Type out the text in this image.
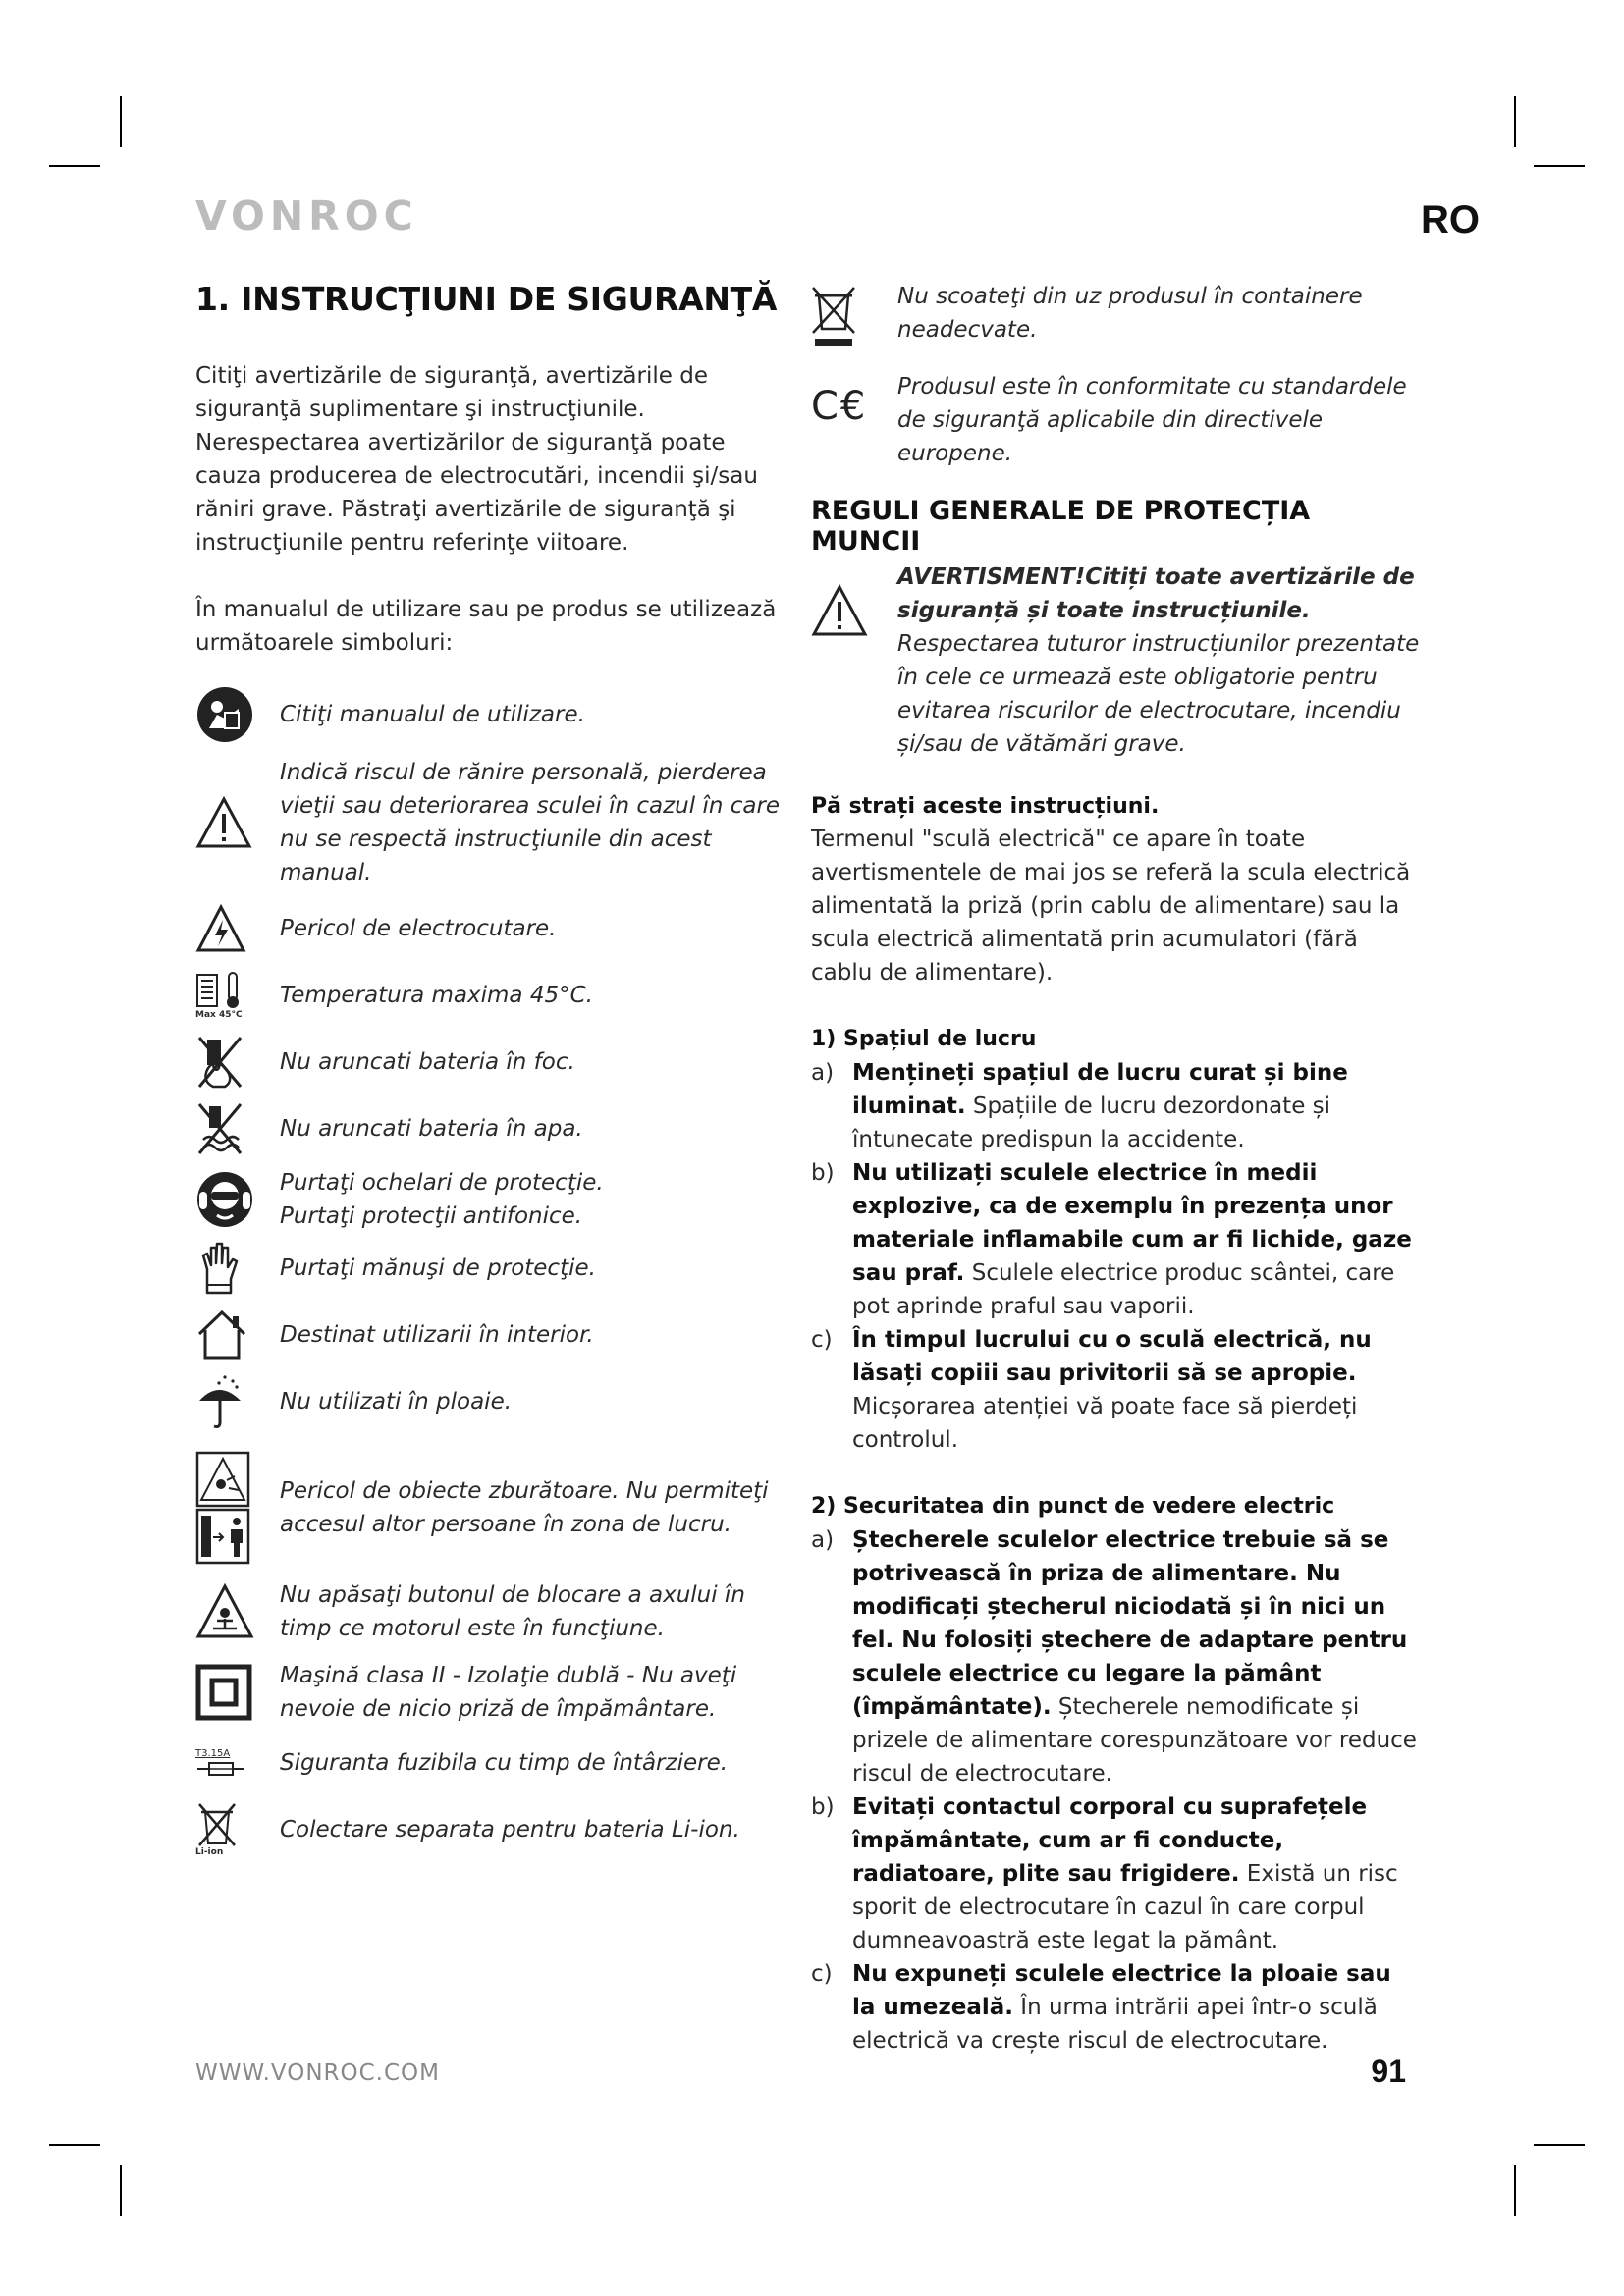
VONROC	RO
1. INSTRUCŢIUNI DE SIGURANŢĂ

Citiţi avertizările de siguranţă, avertizările de siguranţă suplimentare şi instrucţiunile. Nerespectarea avertizărilor de siguranţă poate cauza producerea de electrocutări, incendii şi/sau răniri grave. Păstraţi avertizările de siguranţă şi instrucţiunile pentru referinţe viitoare.

În manualul de utilizare sau pe produs se utilizează următoarele simboluri:

Citiţi manualul de utilizare.
Indică riscul de rănire personală, pierderea vieţii sau deteriorarea sculei în cazul în care nu se respectă instrucţiunile din acest manual.
Pericol de electrocutare.
Max 45°C
Temperatura maxima 45°C.
Nu aruncati bateria în foc.
Nu aruncati bateria în apa.
Purtaţi ochelari de protecţie.
Purtaţi protecţii antifonice.
Purtaţi mănuşi de protecţie.
Destinat utilizarii în interior.
Nu utilizati în ploaie.
Pericol de obiecte zburătoare. Nu permiteţi accesul altor persoane în zona de lucru.
Nu apăsaţi butonul de blocare a axului în timp ce motorul este în funcţiune.
Maşină clasa II - Izolaţie dublă - Nu aveţi nevoie de nicio priză de împământare.
T3.15A	Siguranta fuzibila cu timp de întârziere.
Li-ion
Colectare separata pentru bateria Li-ion.
Nu scoateţi din uz produsul în containere neadecvate.
C€ Produsul este în conformitate cu standardele de siguranţă aplicabile din directivele europene.
REGULI GENERALE DE PROTECȚIA MUNCII
AVERTISMENT!Citiți toate avertizările de siguranță și toate instrucțiunile. Respectarea tuturor instrucțiunilor prezentate în cele ce urmează este obligatorie pentru evitarea riscurilor de electrocutare, incendiu și/sau de vătămări grave.
Pă strați aceste instrucțiuni.

Termenul "sculă electrică" ce apare în toate avertismentele de mai jos se referă la scula electrică alimentată la priză (prin cablu de alimentare) sau la scula electrică alimentată prin acumulatori (fără cablu de alimentare).

1) Spațiul de lucru
a) Mențineți spațiul de lucru curat și bine iluminat. Spațiile de lucru dezordonate și întunecate predispun la accidente.
b) Nu utilizați sculele electrice în medii explozive, ca de exemplu în prezența unor materiale inflamabile cum ar fi lichide, gaze sau praf. Sculele electrice produc scântei, care pot aprinde praful sau vaporii.
c) În timpul lucrului cu o sculă electrică, nu lăsați copiii sau privitorii să se apropie. Micșorarea atenției vă poate face să pierdeți controlul.
2) Securitatea din punct de vedere electric
a) Ștecherele sculelor electrice trebuie să se potrivească în priza de alimentare. Nu modificați ștecherul niciodată și în nici un fel. Nu folosiți ștechere de adaptare pentru sculele electrice cu legare la pământ (împământate). Ștecherele nemodificate și prizele de alimentare corespunzătoare vor reduce riscul de electrocutare.
b) Evitați contactul corporal cu suprafețele împământate, cum ar fi conducte, radiatoare, plite sau frigidere. Există un risc sporit de electrocutare în cazul în care corpul dumneavoastră este legat la pământ.
c) Nu expuneți sculele electrice la ploaie sau la umezeală. În urma intrării apei într-o sculă electrică va crește riscul de electrocutare.
WWW.VONROC.COM	91
